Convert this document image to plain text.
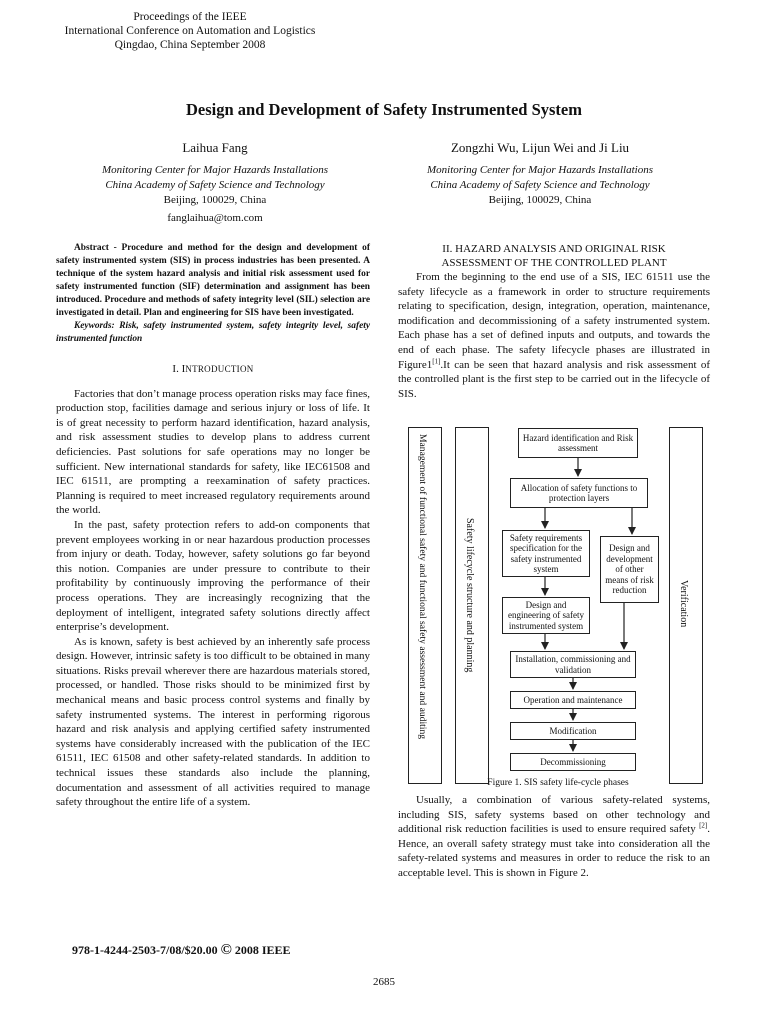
Proceedings of the IEEE
International Conference on Automation and Logistics
Qingdao, China September 2008
Design and Development of Safety Instrumented System
Laihua Fang
Monitoring Center for Major Hazards Installations
China Academy of Safety Science and Technology
Beijing, 100029, China
fanglaihua@tom.com
Zongzhi Wu, Lijun Wei and Ji Liu
Monitoring Center for Major Hazards Installations
China Academy of Safety Science and Technology
Beijing, 100029, China

Abstract - Procedure and method for the design and development of safety instrumented system (SIS) in process industries has been presented. A technique of the system hazard analysis and initial risk assessment used for safety instrumented function (SIF) determination and assignment has been introduced. Procedure and methods of safety integrity level (SIL) selection are investigated in detail. Plan and engineering for SIS have been investigated.

Keywords: Risk, safety instrumented system, safety integrity level, safety instrumented function

I. INTRODUCTION

Factories that don’t manage process operation risks may face fines, production stop, facilities damage and serious injury or loss of life. It is of great necessity to perform hazard identification, hazard analysis, and risk assessment studies to develop plans to address current deficiencies. Past solutions for safe operations may no longer be sufficient. New international standards for safety, like IEC61508 and IEC 61511, are prompting a reexamination of safety practices. Planning is required to meet increased regulatory requirements around the world.

In the past, safety protection refers to add-on components that prevent employees working in or near hazardous production processes from injury or death. Today, however, safety solutions go far beyond this notion. Companies are under pressure to contribute to their profitability by continuously improving the performance of their process operations. They are increasingly recognizing that the deployment of intelligent, integrated safety solutions directly affect enterprise’s development.

As is known, safety is best achieved by an inherently safe process design. However, intrinsic safety is too difficult to be obtained in many situations. Risks prevail wherever there are hazardous materials stored, processed, or handled. Those risks should to be minimized first by mechanical means and basic process control systems and finally by safety instrumented systems. The interest in performing rigorous hazard and risk analysis and applying certified safety instrumented systems have considerably increased with the publication of the IEC 61511, IEC 61508 and other safety-related standards. In addition to technical issues these standards also include the planning, documentation and assessment of all activities required to manage safety throughout the entire life of a system.

II. HAZARD ANALYSIS AND ORIGINAL RISK
ASSESSMENT OF THE CONTROLLED PLANT

From the beginning to the end use of a SIS, IEC 61511 use the safety lifecycle as a framework in order to structure requirements relating to specification, design, integration, operation, maintenance, modification and decommissioning of a safety instrumented system. Each phase has a set of defined inputs and outputs, and towards the end of each phase. The safety lifecycle phases are illustrated in Figure1[1].It can be seen that hazard analysis and risk assessment of the controlled plant is the first step to be carried out in the lifecycle of SIS.

Management of functional safety and functional safety assessment and auditing	Safety lifecycle structure and planning	Verification
Hazard identification and Risk assessment
Allocation of safety functions to protection layers
Safety requirements specification for the safety instrumented system
Design and development of other means of risk reduction
Design and engineering of safety instrumented system
Installation, commissioning and validation
Operation and maintenance
Modification
Decommissioning
Figure 1. SIS safety life-cycle phases

Usually, a combination of various safety-related systems, including SIS, safety systems based on other technology and additional risk reduction facilities is used to ensure required safety [2]. Hence, an overall safety strategy must take into consideration all the safety-related systems and measures in order to reduce the risk to an acceptable level. This is shown in Figure 2.

978-1-4244-2503-7/08/$20.00 © 2008 IEEE
2685
